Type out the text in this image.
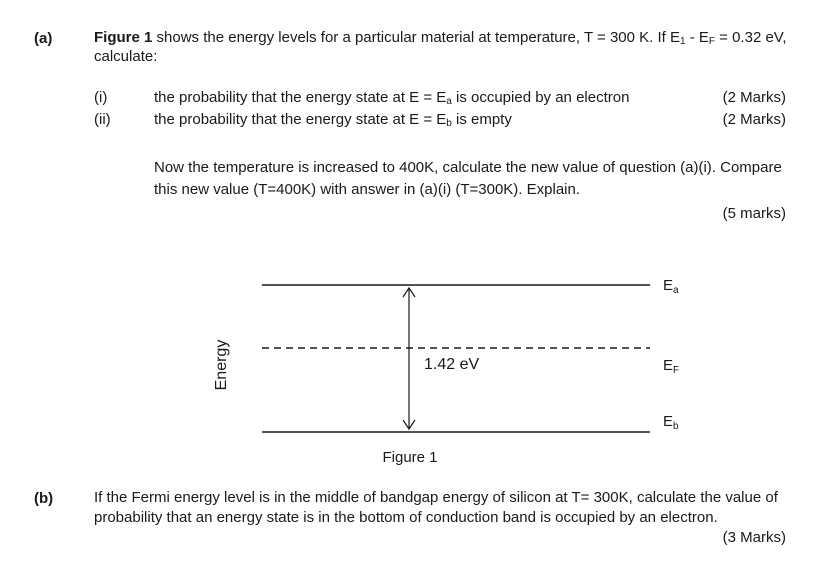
(a)	Figure 1 shows the energy levels for a particular material at temperature, T = 300 K. If $E_1 - E_F = 0.32$ eV,
calculate:
(i)	the probability that the energy state at $E = E_a$ is occupied by an electron	(2 Marks)
(ii)	the probability that the energy state at $E = E_b$ is empty	(2 Marks)
Now the temperature is increased to 400K, calculate the new value of question (a)(i). Compare
this new value (T=400K) with answer in (a)(i) (T=300K). Explain.
(5 marks)
Energy	1.42 eV
$E_a$
$E_F$
$E_b$
Figure 1
(b)	If the Fermi energy level is in the middle of bandgap energy of silicon at T= 300K, calculate the value of
probability that an energy state is in the bottom of conduction band is occupied by an electron.
(3 Marks)
